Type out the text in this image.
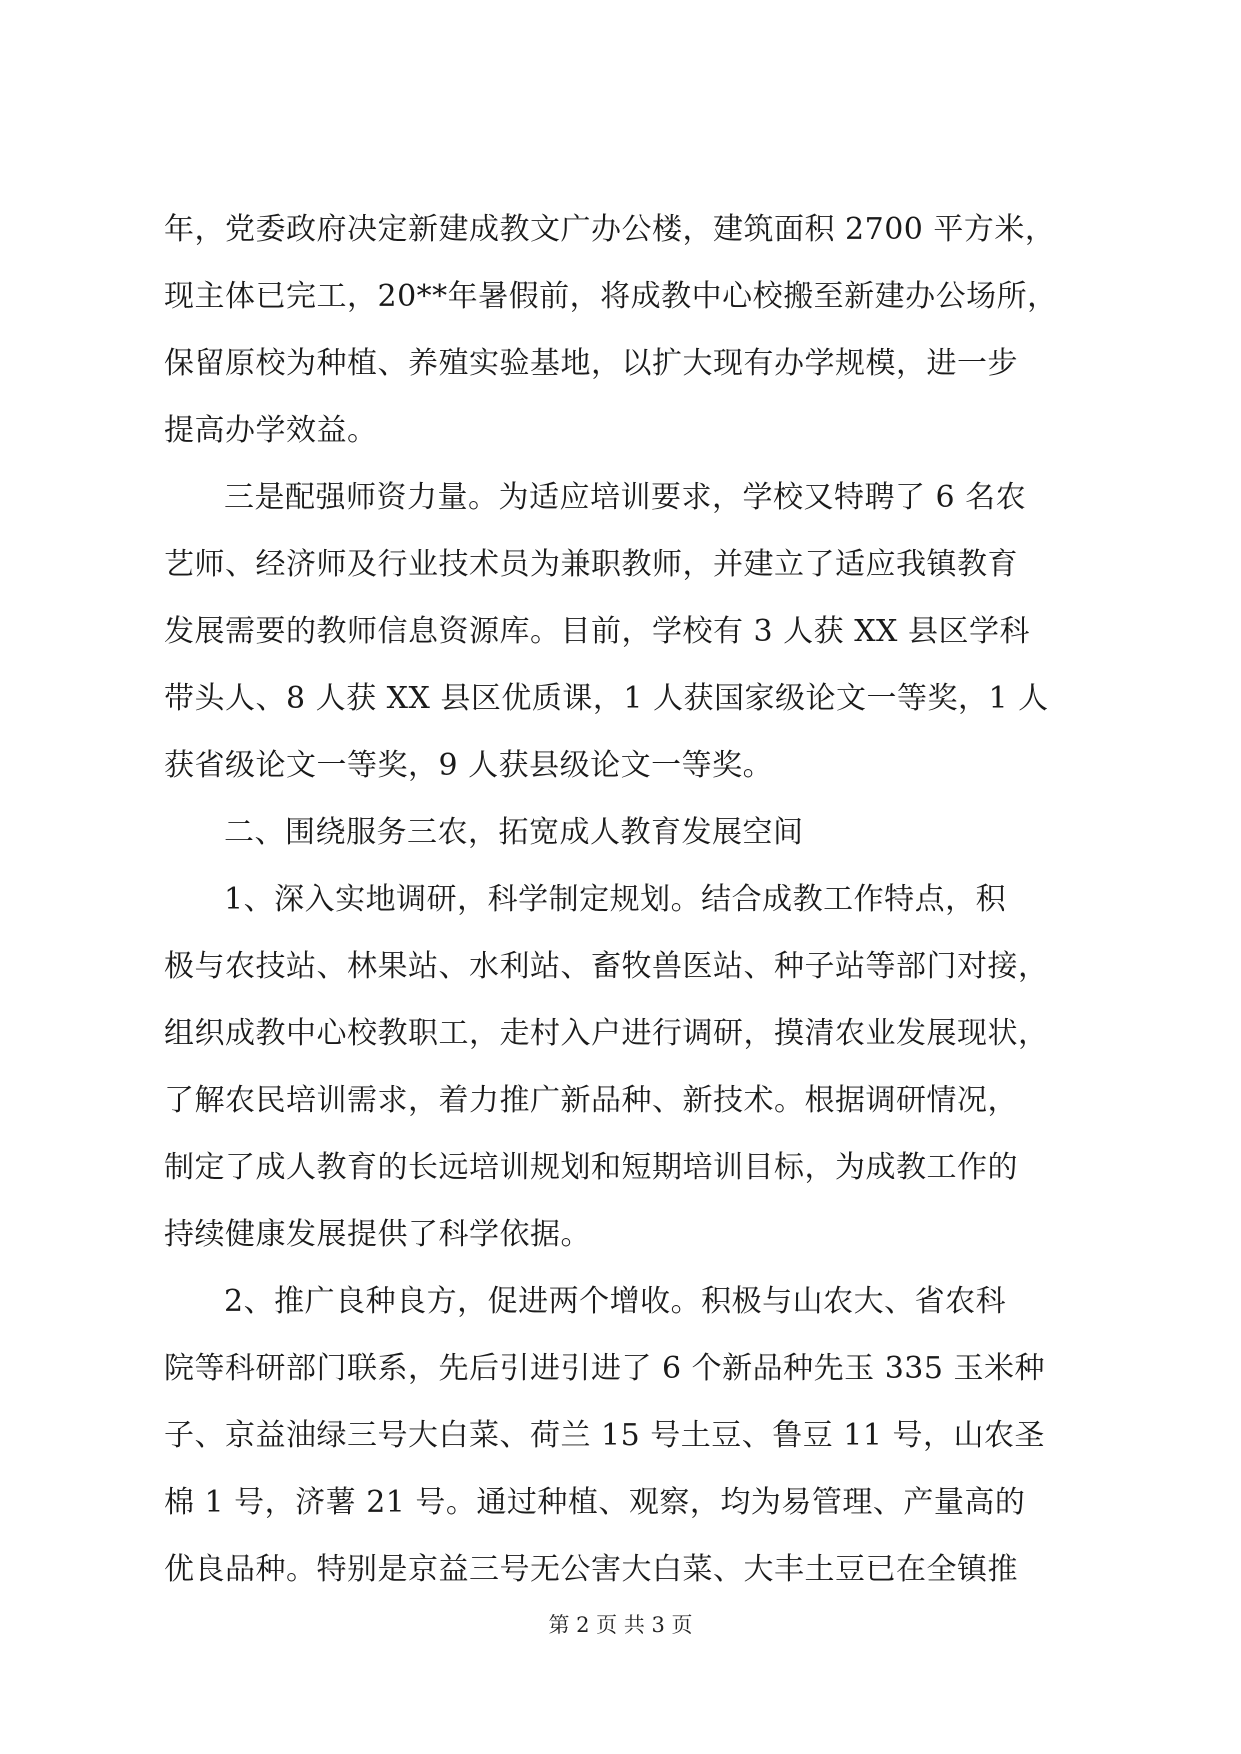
年，党委政府决定新建成教文广办公楼，建筑面积 2700 平方米，
现主体已完工，20**年暑假前，将成教中心校搬至新建办公场所，
保留原校为种植、养殖实验基地，以扩大现有办学规模，进一步
提高办学效益。
三是配强师资力量。为适应培训要求，学校又特聘了 6 名农
艺师、经济师及行业技术员为兼职教师，并建立了适应我镇教育
发展需要的教师信息资源库。目前，学校有 3 人获 XX 县区学科
带头人、8 人获 XX 县区优质课，1 人获国家级论文一等奖，1 人
获省级论文一等奖，9 人获县级论文一等奖。
二、围绕服务三农，拓宽成人教育发展空间
1、深入实地调研，科学制定规划。结合成教工作特点，积
极与农技站、林果站、水利站、畜牧兽医站、种子站等部门对接，
组织成教中心校教职工，走村入户进行调研，摸清农业发展现状，
了解农民培训需求，着力推广新品种、新技术。根据调研情况，
制定了成人教育的长远培训规划和短期培训目标，为成教工作的
持续健康发展提供了科学依据。
2、推广良种良方，促进两个增收。积极与山农大、省农科
院等科研部门联系，先后引进引进了 6 个新品种先玉 335 玉米种
子、京益油绿三号大白菜、荷兰 15 号土豆、鲁豆 11 号，山农圣
棉 1 号，济薯 21 号。通过种植、观察，均为易管理、产量高的
优良品种。特别是京益三号无公害大白菜、大丰土豆已在全镇推
第 2 页 共 3 页
